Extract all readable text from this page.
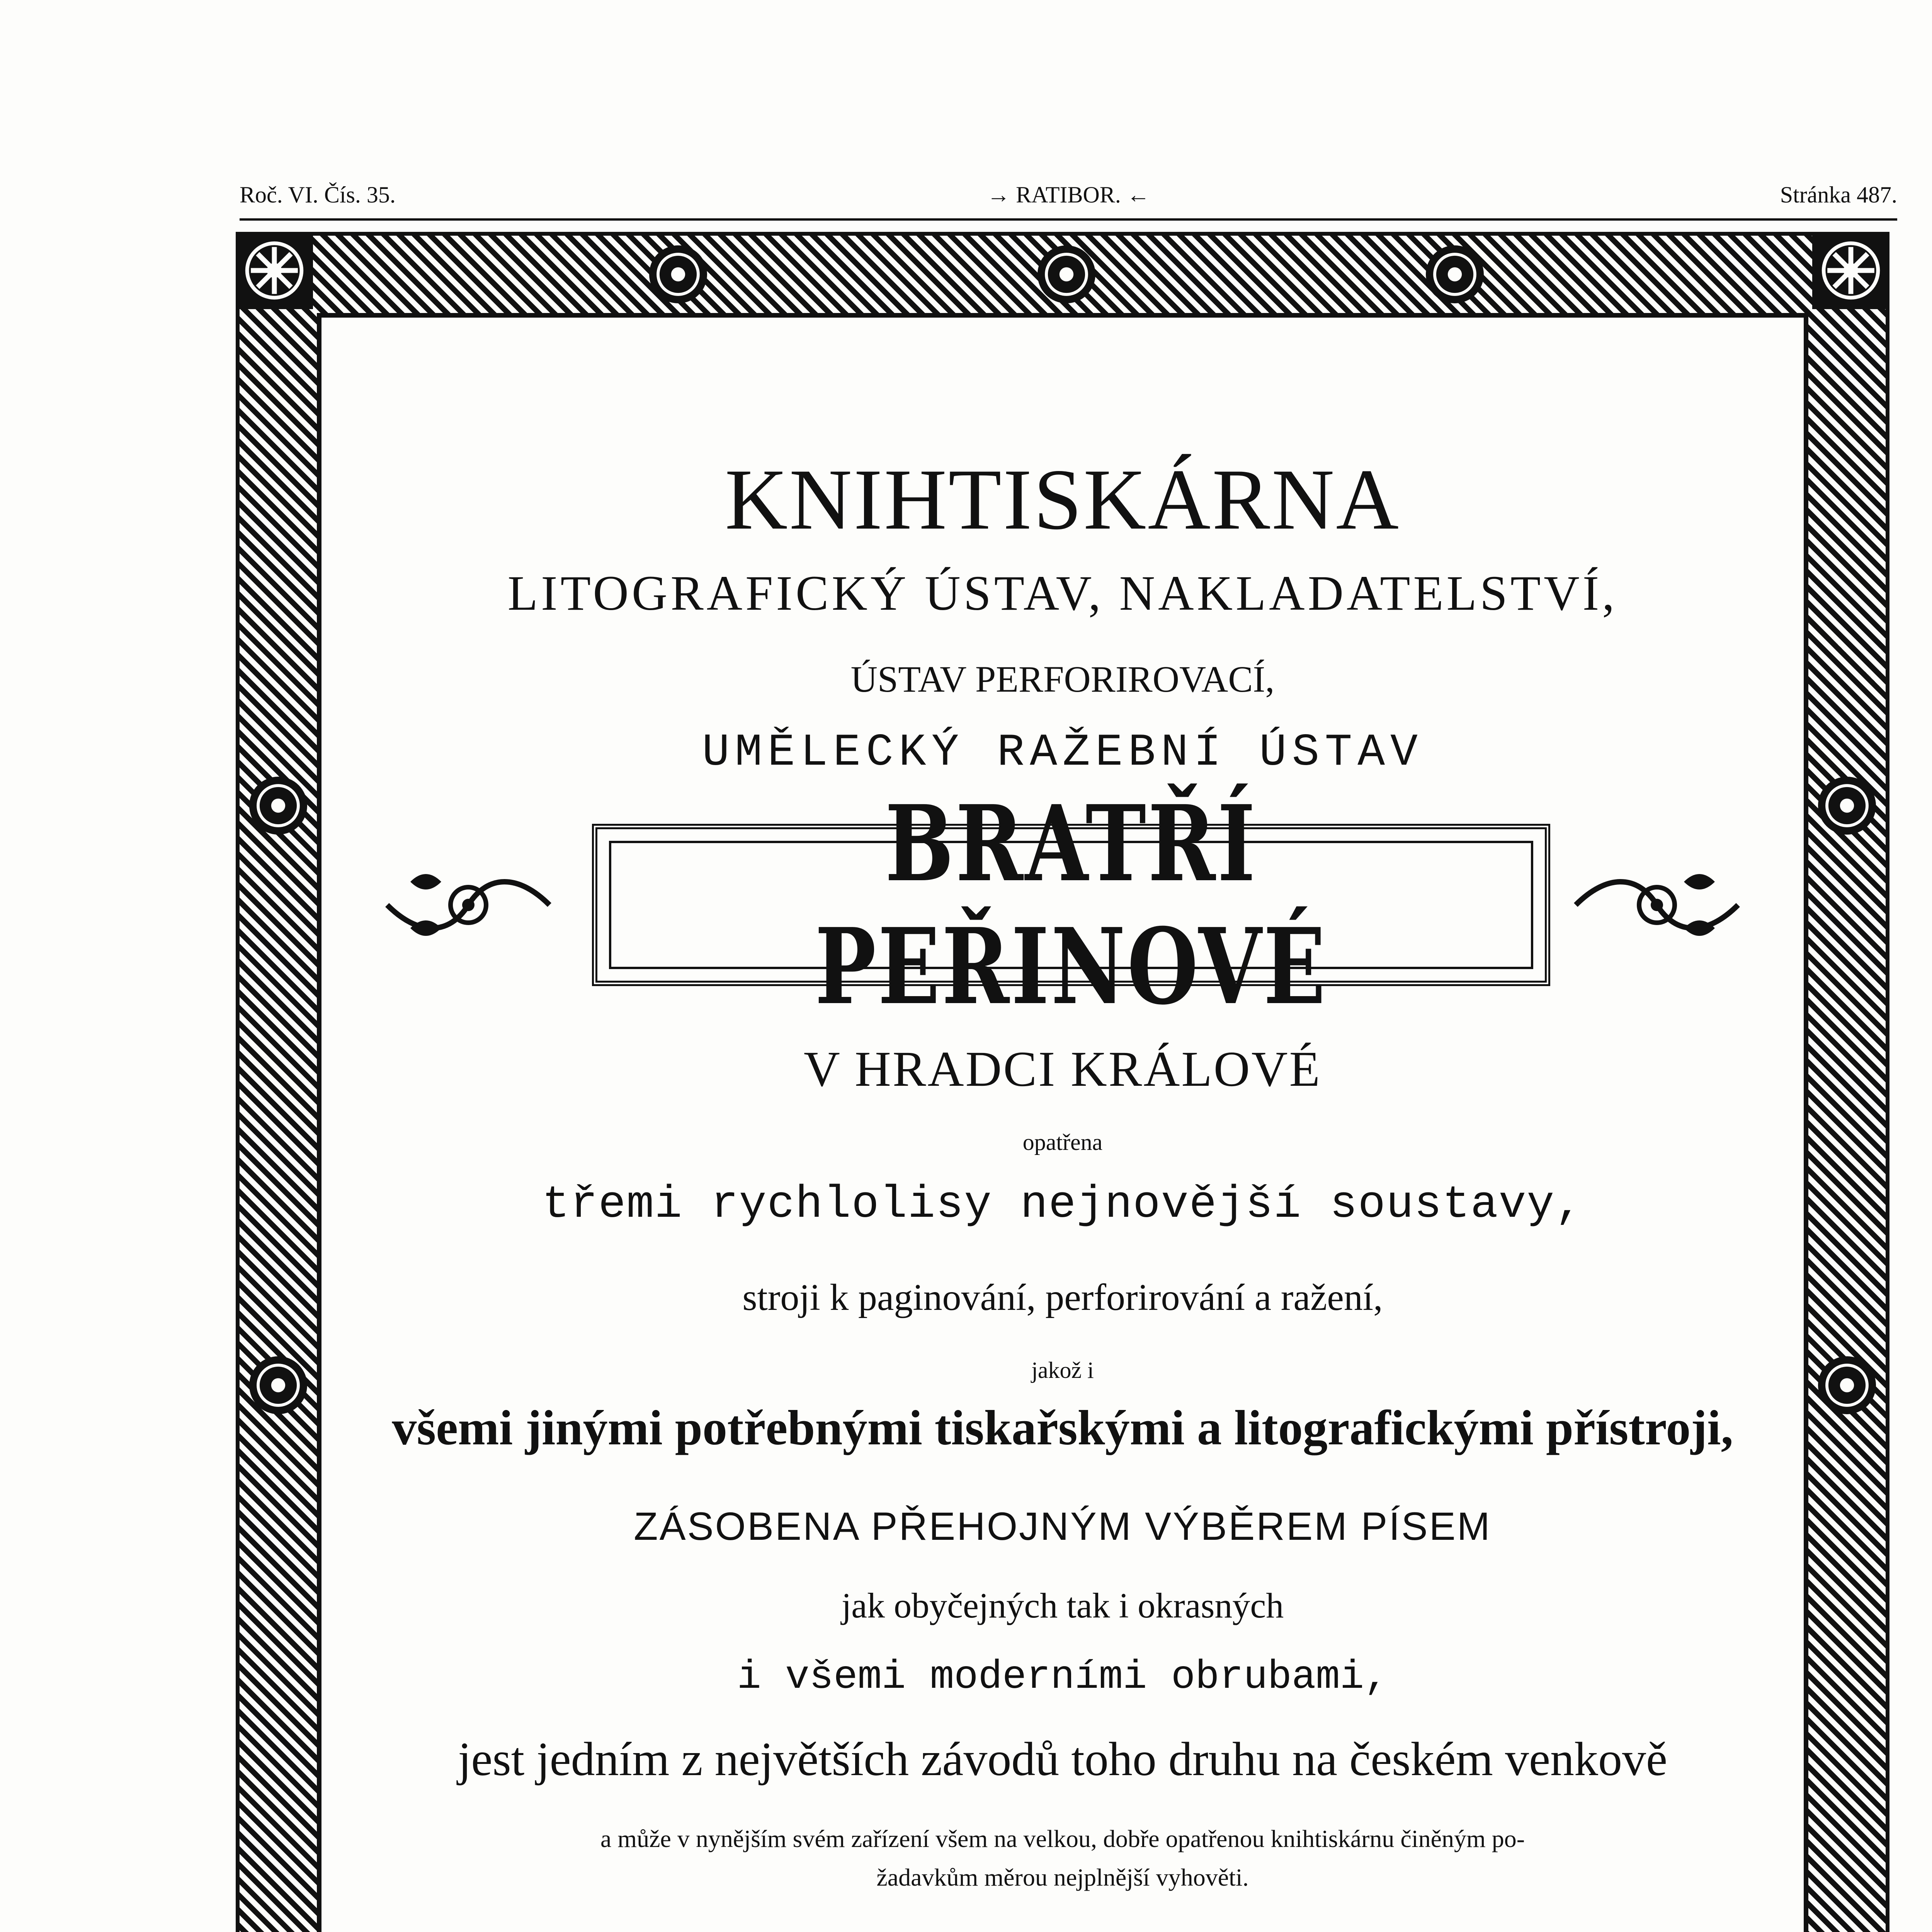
Roč. VI. Čís. 35.	→ RATIBOR. ←	Stránka 487.
KNIHTISKÁRNA
LITOGRAFICKÝ ÚSTAV, NAKLADATELSTVÍ,
ÚSTAV PERFORIROVACÍ,
UMĚLECKÝ RAŽEBNÍ ÚSTAV
BRATŘÍ PEŘINOVÉ
V HRADCI KRÁLOVÉ
opatřena
třemi rychlolisy nejnovější soustavy,
stroji k paginování, perforirování a ražení,
jakož i
všemi jinými potřebnými tiskařskými a litografickými přístroji,
ZÁSOBENA PŘEHOJNÝM VÝBĚREM PÍSEM
jak obyčejných tak i okrasných
i všemi moderními obrubami,
jest jedním z největších závodů toho druhu na českém venkově
a může v nynějším svém zařízení všem na velkou, dobře opatřenou knihtiskárnu činěným po-
žadavkům měrou nejplnější vyhověti.
